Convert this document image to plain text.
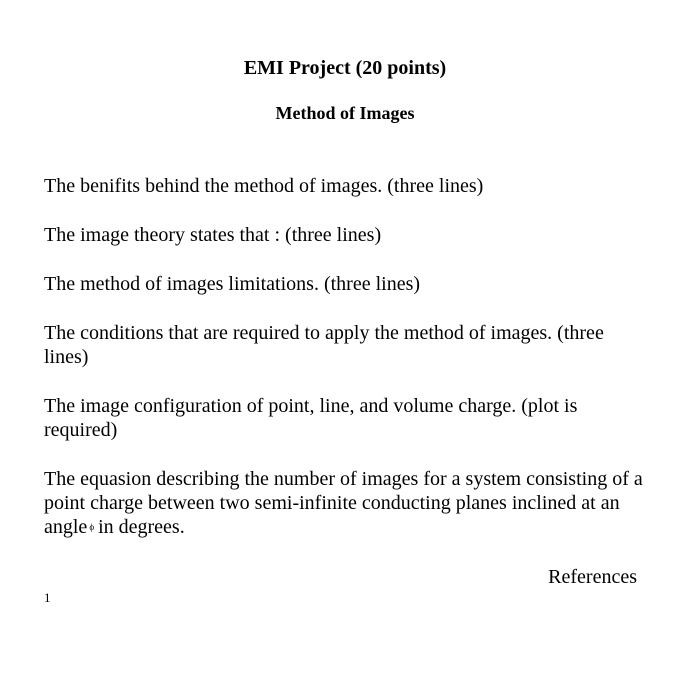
EMI Project (20 points)
Method of Images

The benifits behind the method of images. (three lines)

The image theory states that : (three lines)

The method of images limitations. (three lines)

The conditions that are required to apply the method of images. (three lines)

The image configuration of point, line, and volume charge. (plot is required)

The equasion describing the number of images for a system consisting of a point charge between two semi-infinite conducting planes inclined at an angle ϕ in degrees.

References
1
